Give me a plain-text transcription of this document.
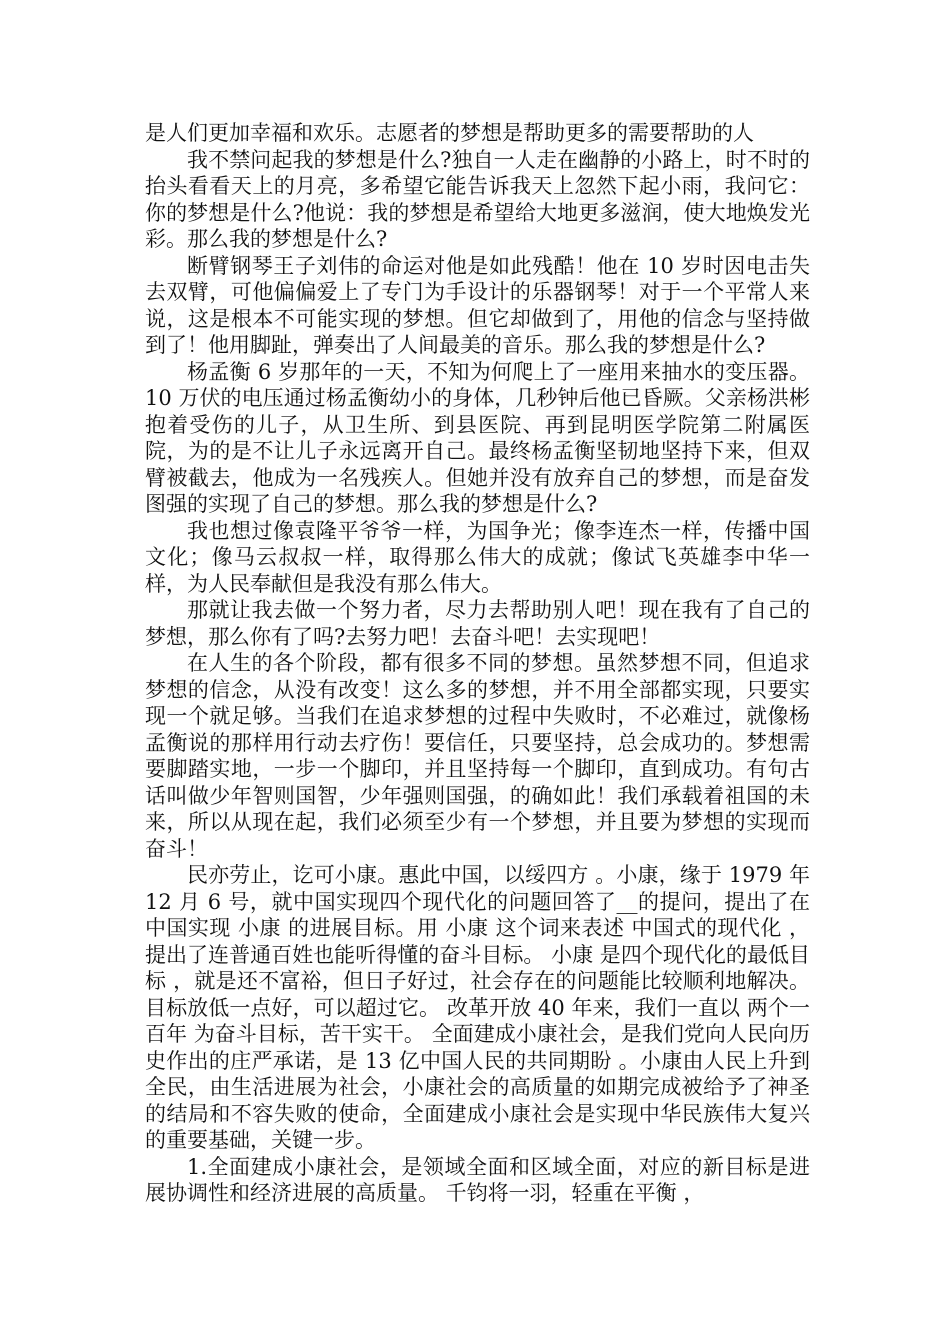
是人们更加幸福和欢乐。志愿者的梦想是帮助更多的需要帮助的人

我不禁问起我的梦想是什么?独自一人走在幽静的小路上，时不时的抬头看看天上的月亮，多希望它能告诉我天上忽然下起小雨，我问它：你的梦想是什么?他说：我的梦想是希望给大地更多滋润，使大地焕发光彩。那么我的梦想是什么?

断臂钢琴王子刘伟的命运对他是如此残酷！他在 10 岁时因电击失去双臂，可他偏偏爱上了专门为手设计的乐器钢琴！对于一个平常人来说，这是根本不可能实现的梦想。但它却做到了，用他的信念与坚持做到了！他用脚趾，弹奏出了人间最美的音乐。那么我的梦想是什么?

杨孟衡 6 岁那年的一天，不知为何爬上了一座用来抽水的变压器。10 万伏的电压通过杨孟衡幼小的身体，几秒钟后他已昏厥。父亲杨洪彬抱着受伤的儿子，从卫生所、到县医院、再到昆明医学院第二附属医院，为的是不让儿子永远离开自己。最终杨孟衡坚韧地坚持下来，但双臂被截去，他成为一名残疾人。但她并没有放弃自己的梦想，而是奋发图强的实现了自己的梦想。那么我的梦想是什么?

我也想过像袁隆平爷爷一样，为国争光；像李连杰一样，传播中国文化；像马云叔叔一样，取得那么伟大的成就；像试飞英雄李中华一样，为人民奉献但是我没有那么伟大。

那就让我去做一个努力者，尽力去帮助别人吧！现在我有了自己的梦想，那么你有了吗?去努力吧！去奋斗吧！去实现吧！

在人生的各个阶段，都有很多不同的梦想。虽然梦想不同，但追求梦想的信念，从没有改变！这么多的梦想，并不用全部都实现，只要实现一个就足够。当我们在追求梦想的过程中失败时，不必难过，就像杨孟衡说的那样用行动去疗伤！要信任，只要坚持，总会成功的。梦想需要脚踏实地，一步一个脚印，并且坚持每一个脚印，直到成功。有句古话叫做少年智则国智，少年强则国强，的确如此！我们承载着祖国的未来，所以从现在起，我们必须至少有一个梦想，并且要为梦想的实现而奋斗！

民亦劳止，讫可小康。惠此中国，以绥四方 。小康，缘于 1979 年 12 月 6 号，就中国实现四个现代化的问题回答了__的提问，提出了在中国实现 小康 的进展目标。用 小康 这个词来表述 中国式的现代化 ，提出了连普通百姓也能听得懂的奋斗目标。 小康 是四个现代化的最低目标 ，就是还不富裕，但日子好过，社会存在的问题能比较顺利地解决。 目标放低一点好，可以超过它。 改革开放 40 年来，我们一直以 两个一百年 为奋斗目标，苦干实干。 全面建成小康社会，是我们党向人民向历史作出的庄严承诺，是 13 亿中国人民的共同期盼 。小康由人民上升到全民，由生活进展为社会，小康社会的高质量的如期完成被给予了神圣的结局和不容失败的使命，全面建成小康社会是实现中华民族伟大复兴的重要基础，关键一步。

1.全面建成小康社会，是领域全面和区域全面，对应的新目标是进展协调性和经济进展的高质量。 千钧将一羽，轻重在平衡 ，
